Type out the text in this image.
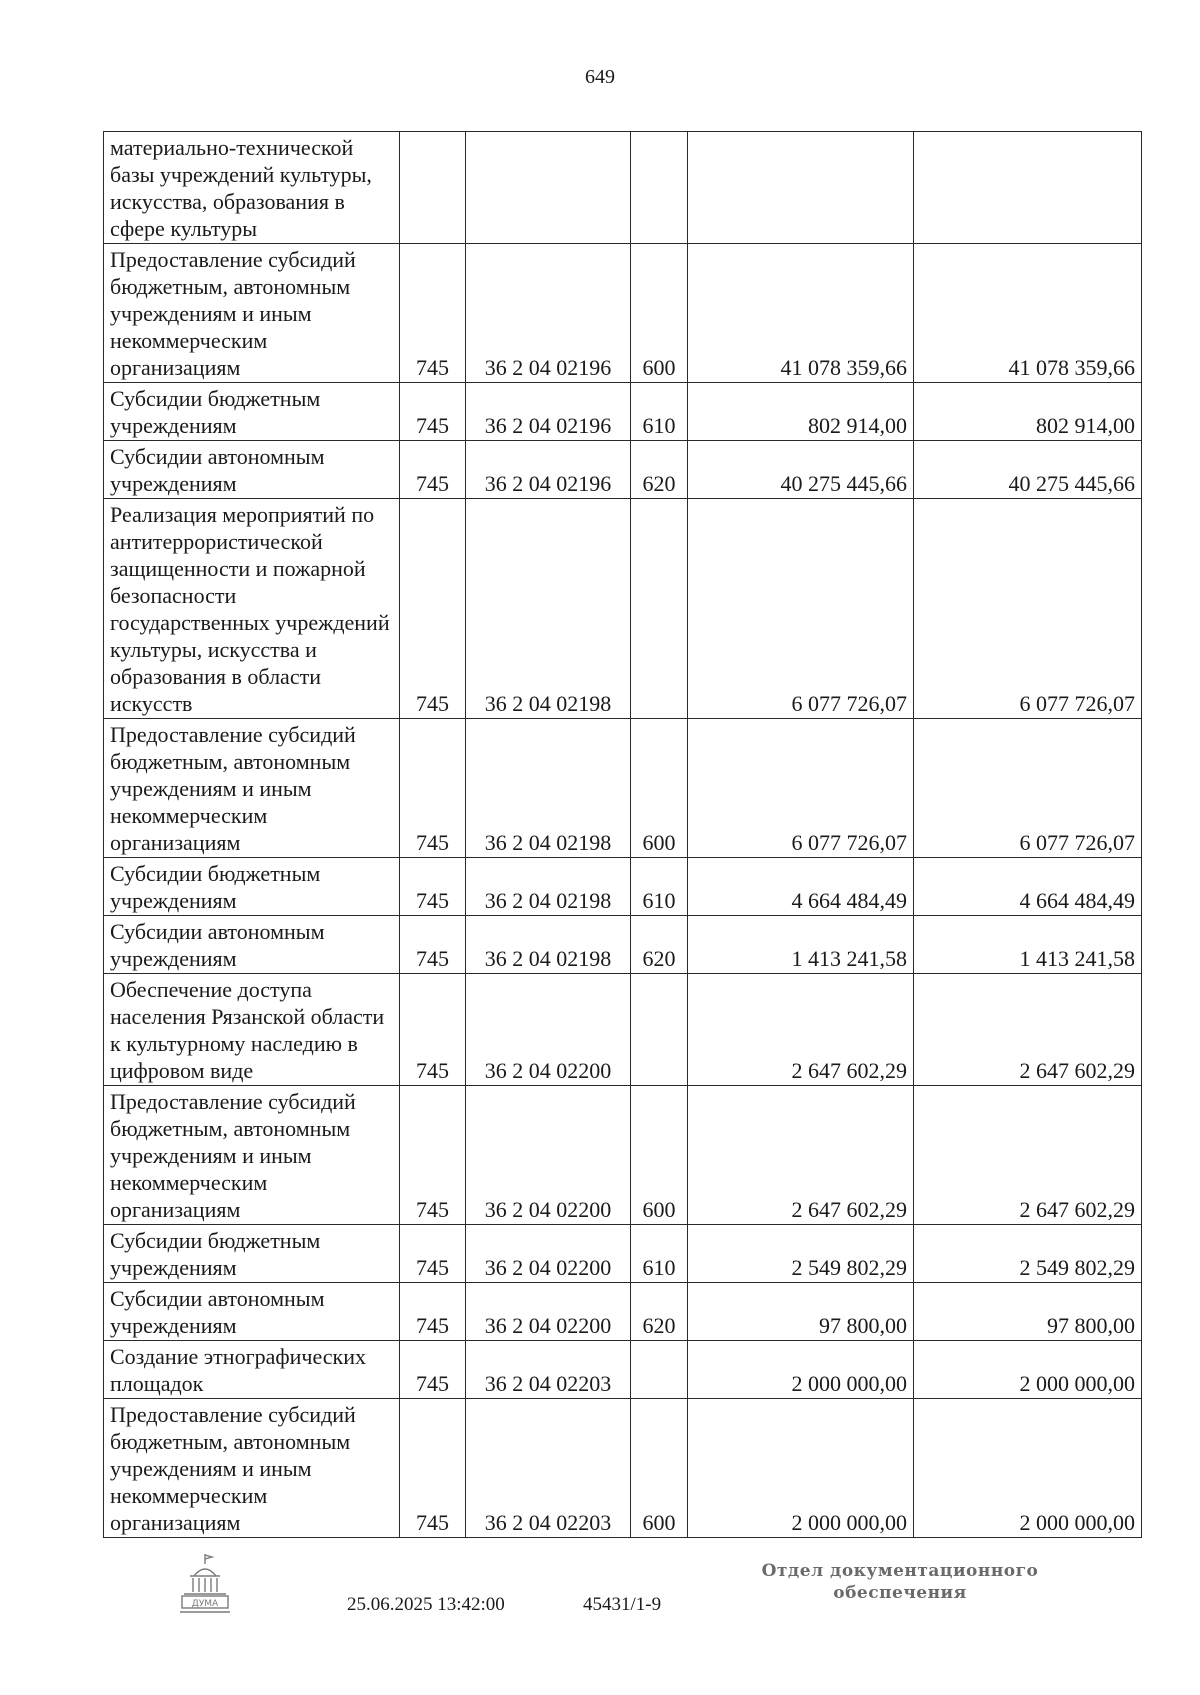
649
материально-технической базы учреждений культуры, искусства, образования в сфере культуры					
Предоставление субсидий бюджетным, автономным учреждениям и иным некоммерческим организациям	745	36 2 04 02196	600	41 078 359,66	41 078 359,66
Субсидии бюджетным учреждениям	745	36 2 04 02196	610	802 914,00	802 914,00
Субсидии автономным учреждениям	745	36 2 04 02196	620	40 275 445,66	40 275 445,66
Реализация мероприятий по антитеррористической защищенности и пожарной безопасности государственных учреждений культуры, искусства и образования в области искусств	745	36 2 04 02198		6 077 726,07	6 077 726,07
Предоставление субсидий бюджетным, автономным учреждениям и иным некоммерческим организациям	745	36 2 04 02198	600	6 077 726,07	6 077 726,07
Субсидии бюджетным учреждениям	745	36 2 04 02198	610	4 664 484,49	4 664 484,49
Субсидии автономным учреждениям	745	36 2 04 02198	620	1 413 241,58	1 413 241,58
Обеспечение доступа населения Рязанской области к культурному наследию в цифровом виде	745	36 2 04 02200		2 647 602,29	2 647 602,29
Предоставление субсидий бюджетным, автономным учреждениям и иным некоммерческим организациям	745	36 2 04 02200	600	2 647 602,29	2 647 602,29
Субсидии бюджетным учреждениям	745	36 2 04 02200	610	2 549 802,29	2 549 802,29
Субсидии автономным учреждениям	745	36 2 04 02200	620	97 800,00	97 800,00
Создание этнографических площадок	745	36 2 04 02203		2 000 000,00	2 000 000,00
Предоставление субсидий бюджетным, автономным учреждениям и иным некоммерческим организациям	745	36 2 04 02203	600	2 000 000,00	2 000 000,00
ДУМА	25.06.2025 13:42:00	45431/1-9
Отдел документационного
обеспечения
